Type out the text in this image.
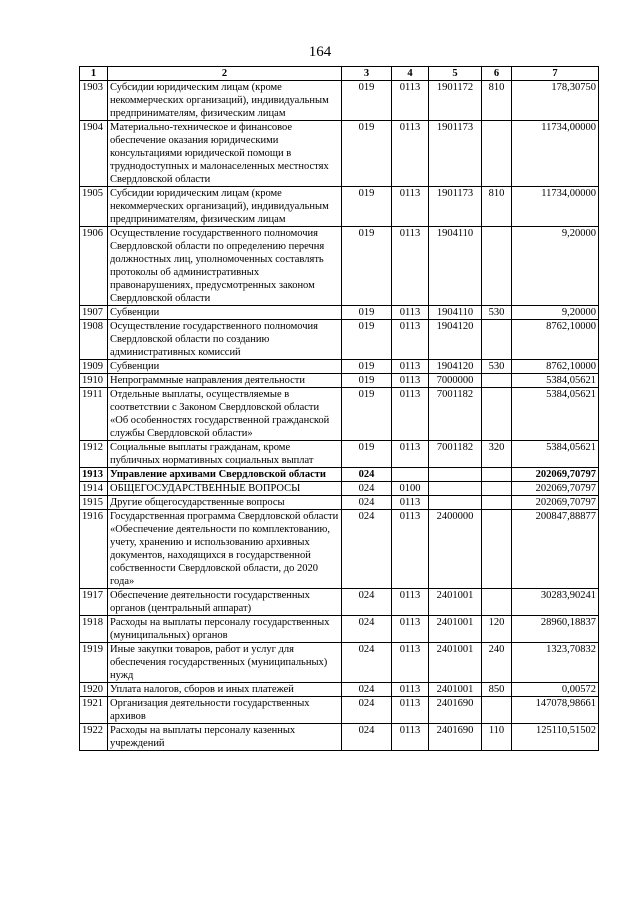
164
1	2	3	4	5	6	7
1903	Субсидии юридическим лицам (кроме некоммерческих организаций), индивидуальным предпринимателям, физическим лицам	019	0113	1901172	810	178,30750
1904	Материально-техническое и финансовое обеспечение оказания юридическими консультациями юридической помощи в труднодоступных и малонаселенных местностях Свердловской области	019	0113	1901173		11734,00000
1905	Субсидии юридическим лицам (кроме некоммерческих организаций), индивидуальным предпринимателям, физическим лицам	019	0113	1901173	810	11734,00000
1906	Осуществление государственного полномочия Свердловской области по определению перечня должностных лиц, уполномоченных составлять протоколы об административных правонарушениях, предусмотренных законом Свердловской области	019	0113	1904110		9,20000
1907	Субвенции	019	0113	1904110	530	9,20000
1908	Осуществление государственного полномочия Свердловской области по созданию административных комиссий	019	0113	1904120		8762,10000
1909	Субвенции	019	0113	1904120	530	8762,10000
1910	Непрограммные направления деятельности	019	0113	7000000		5384,05621
1911	Отдельные выплаты, осуществляемые в соответствии с Законом Свердловской области «Об особенностях государственной гражданской службы Свердловской области»	019	0113	7001182		5384,05621
1912	Социальные выплаты гражданам, кроме публичных нормативных социальных выплат	019	0113	7001182	320	5384,05621
1913	Управление архивами Свердловской области	024				202069,70797
1914	ОБЩЕГОСУДАРСТВЕННЫЕ ВОПРОСЫ	024	0100			202069,70797
1915	Другие общегосударственные вопросы	024	0113			202069,70797
1916	Государственная программа Свердловской области «Обеспечение деятельности по комплектованию, учету, хранению и использованию архивных документов, находящихся в государственной собственности Свердловской области, до 2020 года»	024	0113	2400000		200847,88877
1917	Обеспечение деятельности государственных органов (центральный аппарат)	024	0113	2401001		30283,90241
1918	Расходы на выплаты персоналу государственных (муниципальных) органов	024	0113	2401001	120	28960,18837
1919	Иные закупки товаров, работ и услуг для обеспечения государственных (муниципальных) нужд	024	0113	2401001	240	1323,70832
1920	Уплата налогов, сборов и иных платежей	024	0113	2401001	850	0,00572
1921	Организация деятельности государственных архивов	024	0113	2401690		147078,98661
1922	Расходы на выплаты персоналу казенных учреждений	024	0113	2401690	110	125110,51502
